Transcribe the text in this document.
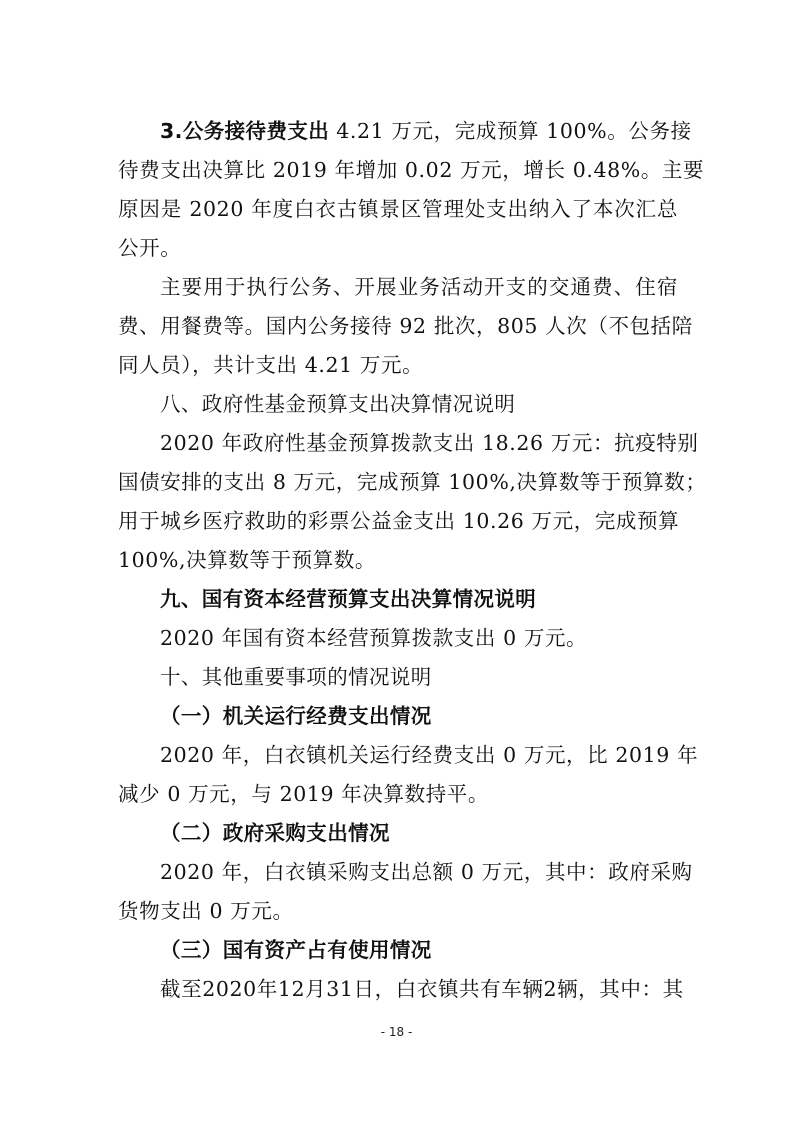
3.公务接待费支出 4.21 万元，完成预算 100%。公务接
待费支出决算比 2019 年增加 0.02 万元，增长 0.48%。主要
原因是 2020 年度白衣古镇景区管理处支出纳入了本次汇总
公开。
主要用于执行公务、开展业务活动开支的交通费、住宿
费、用餐费等。国内公务接待 92 批次，805 人次（不包括陪
同人员），共计支出 4.21 万元。
八、政府性基金预算支出决算情况说明
2020 年政府性基金预算拨款支出 18.26 万元：抗疫特别
国债安排的支出 8 万元，完成预算 100%,决算数等于预算数；
用于城乡医疗救助的彩票公益金支出 10.26 万元，完成预算
100%,决算数等于预算数。
九、国有资本经营预算支出决算情况说明
2020 年国有资本经营预算拨款支出 0 万元。
十、其他重要事项的情况说明
（一）机关运行经费支出情况
2020 年，白衣镇机关运行经费支出 0 万元，比 2019 年
减少 0 万元，与 2019 年决算数持平。
（二）政府采购支出情况
2020 年，白衣镇采购支出总额 0 万元，其中：政府采购
货物支出 0 万元。
（三）国有资产占有使用情况
截至2020年12月31日，白衣镇共有车辆2辆，其中：其
- 18 -
